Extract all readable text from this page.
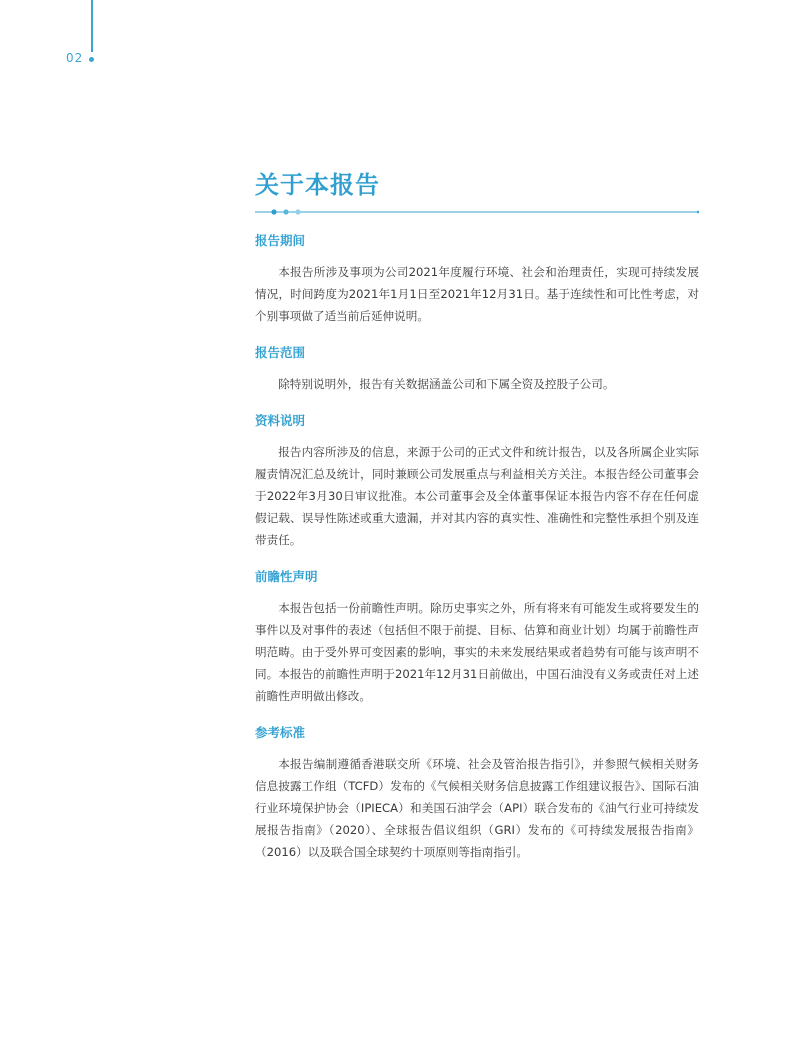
02
关于本报告
报告期间

本报告所涉及事项为公司2021年度履行环境、社会和治理责任，实现可持续发展情况，时间跨度为2021年1月1日至2021年12月31日。基于连续性和可比性考虑，对个别事项做了适当前后延伸说明。

报告范围

除特别说明外，报告有关数据涵盖公司和下属全资及控股子公司。

资料说明

报告内容所涉及的信息，来源于公司的正式文件和统计报告，以及各所属企业实际履责情况汇总及统计，同时兼顾公司发展重点与利益相关方关注。本报告经公司董事会于2022年3月30日审议批准。本公司董事会及全体董事保证本报告内容不存在任何虚假记载、误导性陈述或重大遗漏，并对其内容的真实性、准确性和完整性承担个别及连带责任。

前瞻性声明

本报告包括一份前瞻性声明。除历史事实之外，所有将来有可能发生或将要发生的事件以及对事件的表述（包括但不限于前提、目标、估算和商业计划）均属于前瞻性声明范畴。由于受外界可变因素的影响，事实的未来发展结果或者趋势有可能与该声明不同。本报告的前瞻性声明于2021年12月31日前做出，中国石油没有义务或责任对上述前瞻性声明做出修改。

参考标准

本报告编制遵循香港联交所《环境、社会及管治报告指引》，并参照气候相关财务信息披露工作组（TCFD）发布的《气候相关财务信息披露工作组建议报告》、国际石油行业环境保护协会（IPIECA）和美国石油学会（API）联合发布的《油气行业可持续发展报告指南》（2020）、全球报告倡议组织（GRI）发布的《可持续发展报告指南》（2016）以及联合国全球契约十项原则等指南指引。
